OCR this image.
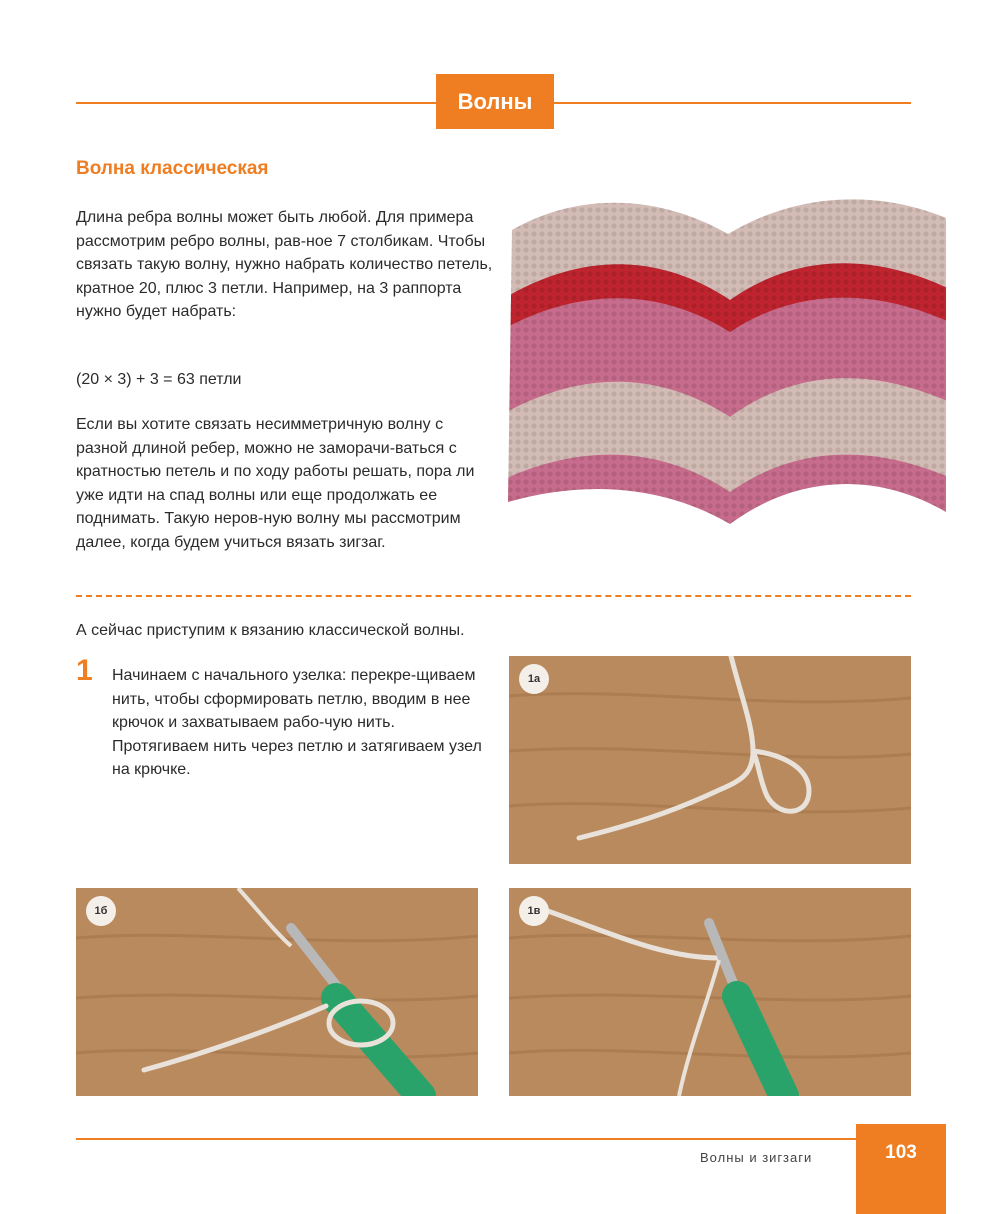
Волны
Волна классическая

Длина ребра волны может быть любой. Для примера рассмотрим ребро волны, рав-ное 7 столбикам. Чтобы связать такую волну, нужно набрать количество петель, кратное 20, плюс 3 петли. Например, на 3 раппорта нужно будет набрать:

(20 × 3) + 3 = 63 петли

Если вы хотите связать несимметричную волну с разной длиной ребер, можно не заморачи-ваться с кратностью петель и по ходу работы решать, пора ли уже идти на спад волны или еще продолжать ее поднимать. Такую неров-ную волну мы рассмотрим далее, когда будем учиться вязать зигзаг.

А сейчас приступим к вязанию классической волны.

1 Начинаем с начального узелка: перекре-щиваем нить, чтобы сформировать петлю, вводим в нее крючок и захватываем рабо-чую нить. Протягиваем нить через петлю и затягиваем узел на крючке.

1а
1б	1в
Волны и зигзаги	103
